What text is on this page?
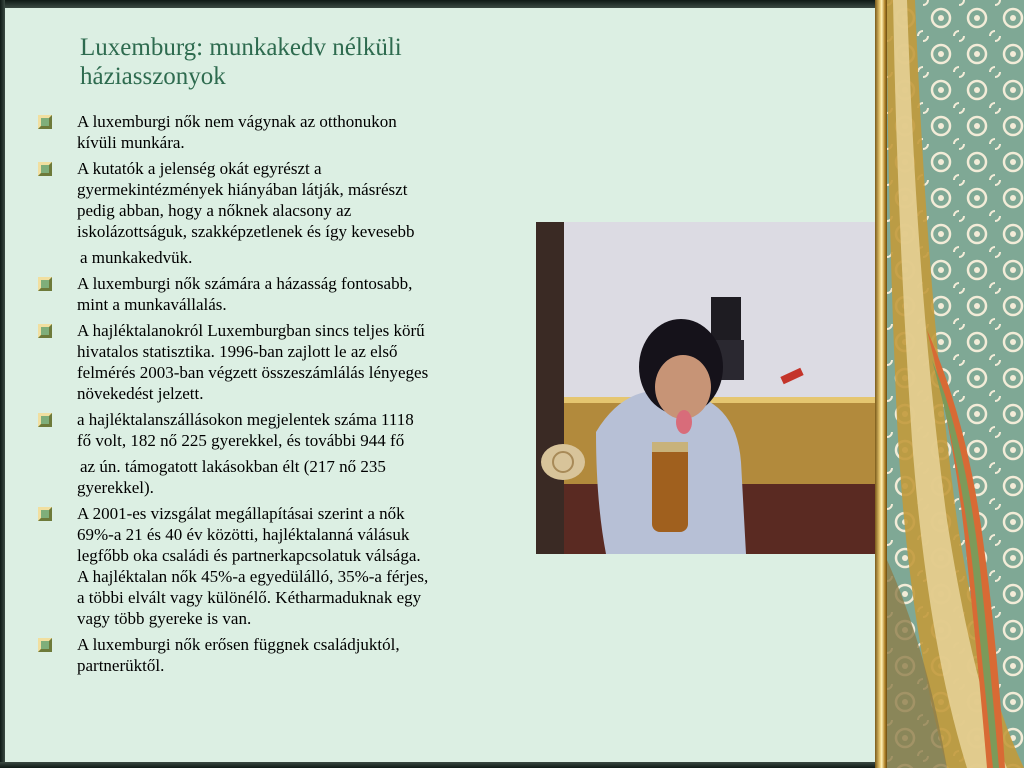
Luxemburg: munkakedv nélküli
háziasszonyok
A luxemburgi nők nem vágynak az otthonukon
kívüli munkára.
A kutatók a jelenség okát egyrészt a
gyermekintézmények hiányában látják, másrészt
pedig abban, hogy a nőknek alacsony az
iskolázottságuk, szakképzetlenek és így kevesebb
a munkakedvük.
A luxemburgi nők számára a házasság fontosabb,
mint a munkavállalás.
A hajléktalanokról Luxemburgban sincs teljes körű
hivatalos statisztika. 1996-ban zajlott le az első
felmérés 2003-ban végzett összeszámlálás lényeges
növekedést jelzett.
a hajléktalanszállásokon megjelentek száma 1118
fő volt, 182 nő 225 gyerekkel, és további 944 fő
az ún. támogatott lakásokban élt (217 nő 235
gyerekkel).
A 2001-es vizsgálat megállapításai szerint a nők
69%-a 21 és 40 év közötti, hajléktalanná válásuk
legfőbb oka családi és partnerkapcsolatuk válsága.
A hajléktalan nők 45%-a egyedülálló, 35%-a férjes,
a többi elvált vagy különélő. Kétharmaduknak egy
vagy több gyereke is van.
A luxemburgi nők erősen függnek családjuktól,
partnerüktől.
